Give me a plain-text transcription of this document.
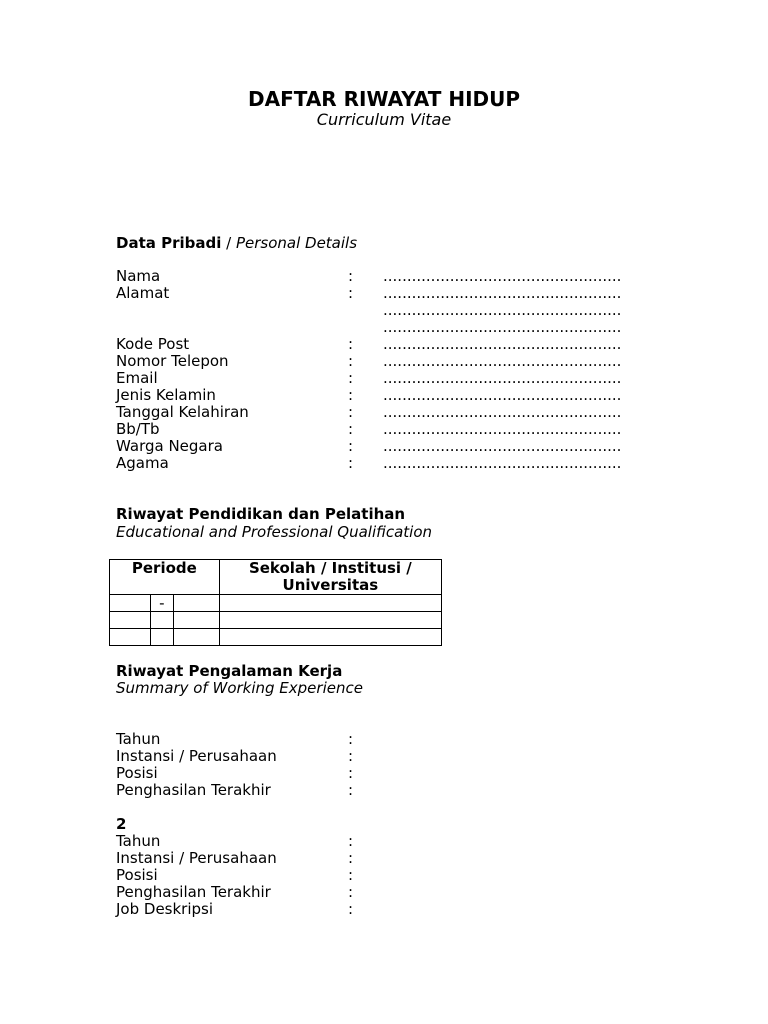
DAFTAR RIWAYAT HIDUP
Curriculum Vitae
Data Pribadi / Personal Details
Nama	: ..................................................
Alamat	: ..................................................
..................................................
..................................................
Kode Post	: ..................................................
Nomor Telepon	: ..................................................
Email	: ..................................................
Jenis Kelamin	: ..................................................
Tanggal Kelahiran	: ..................................................
Bb/Tb	: ..................................................
Warga Negara	: ..................................................
Agama	: ..................................................
Riwayat Pendidikan dan Pelatihan
Educational and Professional Qualification
Periode			Sekolah / Institusi / Universitas
	-		

Riwayat Pengalaman Kerja
Summary of Working Experience
Tahun	:
Instansi / Perusahaan	:
Posisi	:
Penghasilan Terakhir	:
2
Tahun	:
Instansi / Perusahaan	:
Posisi	:
Penghasilan Terakhir	:
Job Deskripsi	:
